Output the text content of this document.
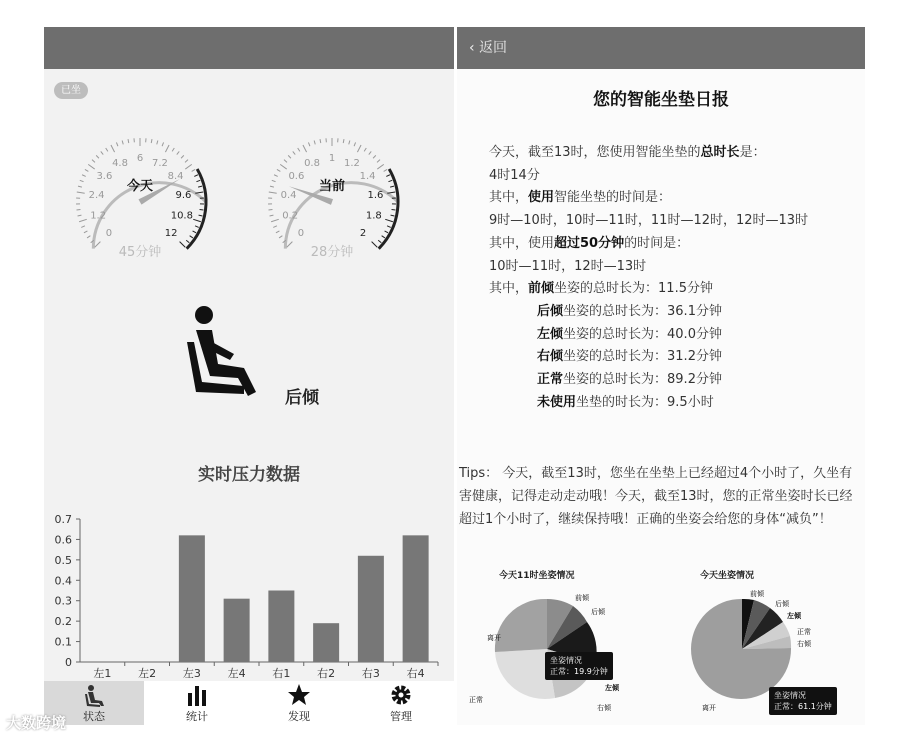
已坐
0
1.2
2.4
3.6
4.8 6 7.2
8.4
9.6
10.8
12
今天
45分钟
0
0.2
0.4
0.6
0.8 1 1.2
1.4
1.6
1.8
2
当前
28分钟
后倾
实时压力数据
0
0.1
0.2
0.3
0.4
0.5
0.6
0.7
左1 左2 左3 左4 右1 右2 右3 右4
状态	统计	发现	管理
‹ 返回
您的智能坐垫日报
今天，截至13时，您使用智能坐垫的总时长是：
4时14分
其中，使用智能坐垫的时间是：
9时—10时，10时—11时，11时—12时，12时—13时
其中，使用超过50分钟的时间是：
10时—11时，12时—13时
其中，前倾坐姿的总时长为：11.5分钟
后倾坐姿的总时长为：36.1分钟
左倾坐姿的总时长为：40.0分钟
右倾坐姿的总时长为：31.2分钟
正常坐姿的总时长为：89.2分钟
未使用坐垫的时长为：9.5小时
Tips： 今天，截至13时，您坐在坐垫上已经超过4个小时了，久坐有害健康，记得走动走动哦！今天，截至13时，您的正常坐姿时长已经超过1个小时了，继续保持哦！正确的坐姿会给您的身体“减负”！
今天11时坐姿情况
前倾
后倾
左倾
右倾
正常
离开
坐姿情况
正常：19.9分钟
今天坐姿情况
前倾
后倾
左倾
正常
右倾
离开
坐姿情况
正常：61.1分钟
大数跨境
